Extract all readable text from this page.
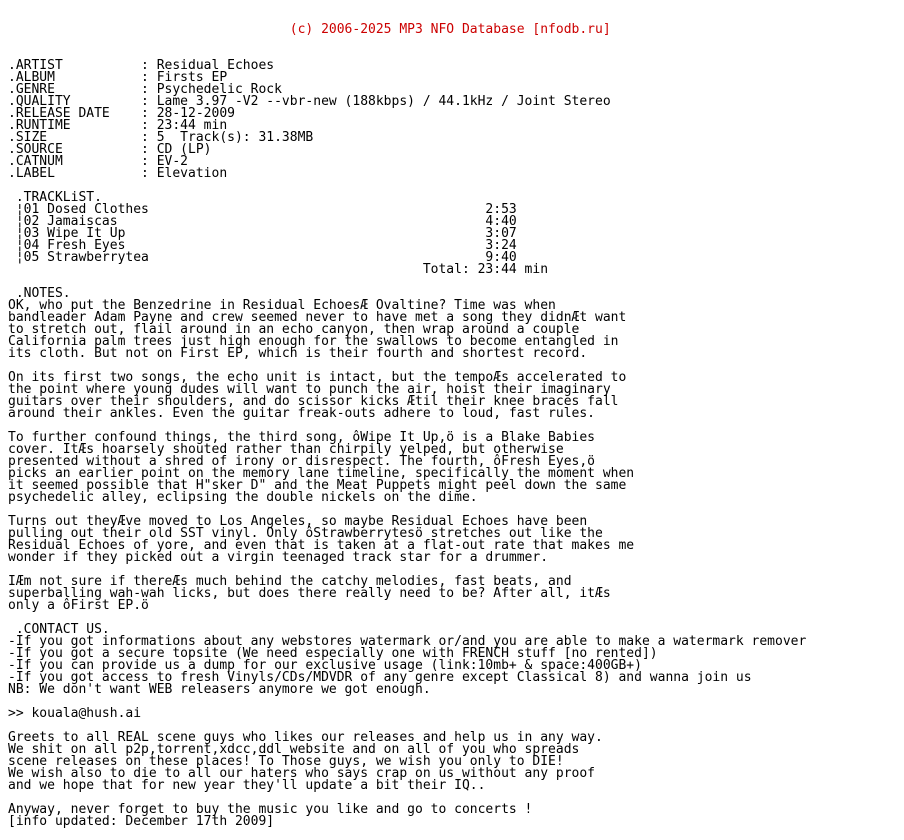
(c) 2006-2025 MP3 NFO Database [nfodb.ru]

.ARTIST          : Residual Echoes
.ALBUM           : Firsts EP
.GENRE           : Psychedelic Rock
.QUALITY         : Lame 3.97 -V2 --vbr-new (188kbps) / 44.1kHz / Joint Stereo
.RELEASE DATE    : 28-12-2009
.RUNTIME         : 23:44 min
.SIZE            : 5  Track(s): 31.38MB
.SOURCE          : CD (LP)
.CATNUM          : EV-2
.LABEL           : Elevation
.TRACKLiST.
¦01 Dosed Clothes                                           2:53
¦02 Jamaiscas                                               4:40
¦03 Wipe It Up                                              3:07
¦04 Fresh Eyes                                              3:24
¦05 Strawberrytea                                           9:40
Total: 23:44 min
.NOTES.
OK, who put the Benzedrine in Residual EchoesÆ Ovaltine? Time was when
bandleader Adam Payne and crew seemed never to have met a song they didnÆt want
to stretch out, flail around in an echo canyon, then wrap around a couple
California palm trees just high enough for the swallows to become entangled in
its cloth. But not on First EP, which is their fourth and shortest record.
On its first two songs, the echo unit is intact, but the tempoÆs accelerated to
the point where young dudes will want to punch the air, hoist their imaginary
guitars over their shoulders, and do scissor kicks Ætil their knee braces fall
around their ankles. Even the guitar freak-outs adhere to loud, fast rules.
To further confound things, the third song, ôWipe It Up,ö is a Blake Babies
cover. ItÆs hoarsely shouted rather than chirpily yelped, but otherwise
presented without a shred of irony or disrespect. The fourth, ôFresh Eyes,ö
picks an earlier point on the memory lane timeline, specifically the moment when
it seemed possible that H"sker D" and the Meat Puppets might peel down the same
psychedelic alley, eclipsing the double nickels on the dime.
Turns out theyÆve moved to Los Angeles, so maybe Residual Echoes have been
pulling out their old SST vinyl. Only ôStrawberrytesö stretches out like the
Residual Echoes of yore, and even that is taken at a flat-out rate that makes me
wonder if they picked out a virgin teenaged track star for a drummer.
IÆm not sure if thereÆs much behind the catchy melodies, fast beats, and
superballing wah-wah licks, but does there really need to be? After all, itÆs
only a ôFirst EP.ö
.CONTACT US.
-If you got informations about any webstores watermark or/and you are able to make a watermark remover
-If you got a secure topsite (We need especially one with FRENCH stuff [no rented])
-If you can provide us a dump for our exclusive usage (link:10mb+ & space:400GB+)
-If you got access to fresh Vinyls/CDs/MDVDR of any genre except Classical 8) and wanna join us
NB: We don't want WEB releasers anymore we got enough.
>> kouala@hush.ai
Greets to all REAL scene guys who likes our releases and help us in any way.
We shit on all p2p,torrent,xdcc,ddl website and on all of you who spreads
scene releases on these places! To Those guys, we wish you only to DIE!
We wish also to die to all our haters who says crap on us without any proof
and we hope that for new year they'll update a bit their IQ..
Anyway, never forget to buy the music you like and go to concerts !
[info updated: December 17th 2009]
